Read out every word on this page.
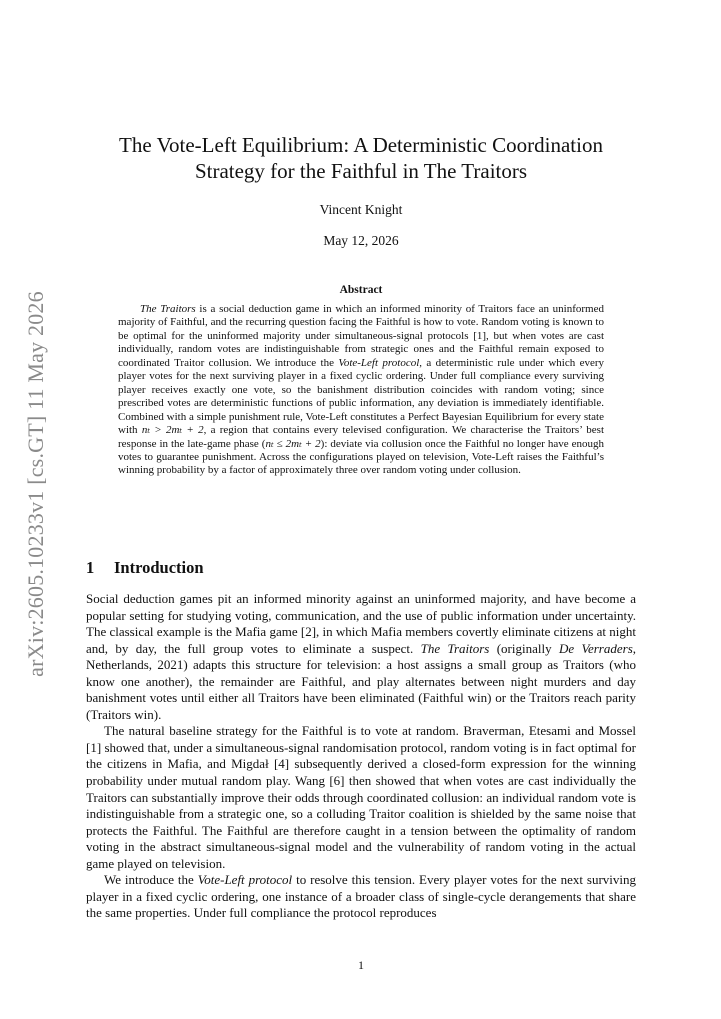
arXiv:2605.10233v1 [cs.GT] 11 May 2026
The Vote-Left Equilibrium: A Deterministic Coordination
Strategy for the Faithful in The Traitors
Vincent Knight
May 12, 2026
Abstract

The Traitors is a social deduction game in which an informed minority of Traitors face an uninformed majority of Faithful, and the recurring question facing the Faithful is how to vote. Random voting is known to be optimal for the uninformed majority under simultaneous-signal protocols [1], but when votes are cast individually, random votes are indistinguishable from strategic ones and the Faithful remain exposed to coordinated Traitor collusion. We introduce the Vote-Left protocol, a deterministic rule under which every player votes for the next surviving player in a fixed cyclic ordering. Under full compliance every surviving player receives exactly one vote, so the banishment distribution coincides with random voting; since prescribed votes are deterministic functions of public information, any deviation is immediately identifiable. Combined with a simple punishment rule, Vote-Left constitutes a Perfect Bayesian Equilibrium for every state with nₜ > 2mₜ + 2, a region that contains every televised configuration. We characterise the Traitors’ best response in the late-game phase (nₜ ≤ 2mₜ + 2): deviate via collusion once the Faithful no longer have enough votes to guarantee punishment. Across the configurations played on television, Vote-Left raises the Faithful’s winning probability by a factor of approximately three over random voting under collusion.

1 Introduction

Social deduction games pit an informed minority against an uninformed majority, and have become a popular setting for studying voting, communication, and the use of public information under uncertainty. The classical example is the Mafia game [2], in which Mafia members covertly eliminate citizens at night and, by day, the full group votes to eliminate a suspect. The Traitors (originally De Verraders, Netherlands, 2021) adapts this structure for television: a host assigns a small group as Traitors (who know one another), the remainder are Faithful, and play alternates between night murders and day banishment votes until either all Traitors have been eliminated (Faithful win) or the Traitors reach parity (Traitors win).

The natural baseline strategy for the Faithful is to vote at random. Braverman, Etesami and Mossel [1] showed that, under a simultaneous-signal randomisation protocol, random voting is in fact optimal for the citizens in Mafia, and Migdał [4] subsequently derived a closed-form expression for the winning probability under mutual random play. Wang [6] then showed that when votes are cast individually the Traitors can substantially improve their odds through coordinated collusion: an individual random vote is indistinguishable from a strategic one, so a colluding Traitor coalition is shielded by the same noise that protects the Faithful. The Faithful are therefore caught in a tension between the optimality of random voting in the abstract simultaneous-signal model and the vulnerability of random voting in the actual game played on television.

We introduce the Vote-Left protocol to resolve this tension. Every player votes for the next surviving player in a fixed cyclic ordering, one instance of a broader class of single-cycle derangements that share the same properties. Under full compliance the protocol reproduces

1
